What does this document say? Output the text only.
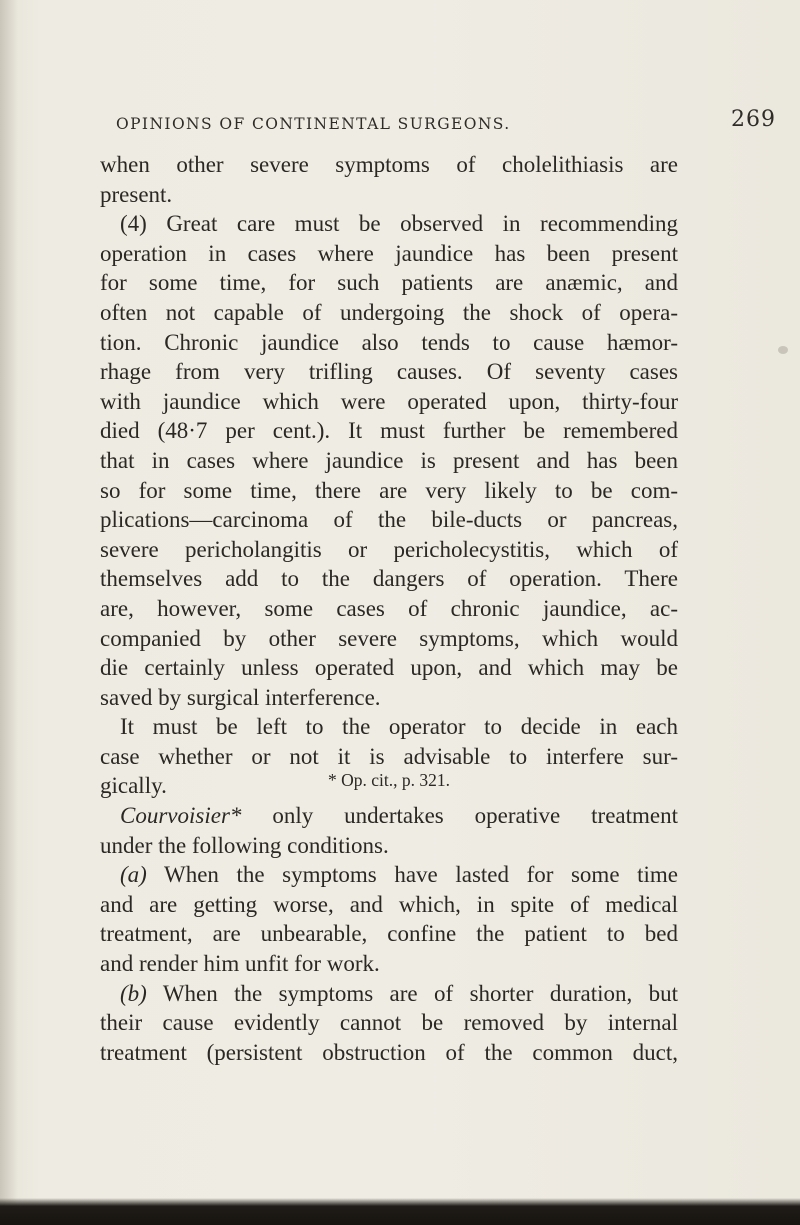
OPINIONS OF CONTINENTAL SURGEONS.	269
when other severe symptoms of cholelithiasis are
present.
(4) Great care must be observed in recommending
operation in cases where jaundice has been present
for some time, for such patients are anæmic, and
often not capable of undergoing the shock of opera-
tion. Chronic jaundice also tends to cause hæmor-
rhage from very trifling causes. Of seventy cases
with jaundice which were operated upon, thirty-four
died (48·7 per cent.). It must further be remembered
that in cases where jaundice is present and has been
so for some time, there are very likely to be com-
plications—carcinoma of the bile-ducts or pancreas,
severe pericholangitis or pericholecystitis, which of
themselves add to the dangers of operation. There
are, however, some cases of chronic jaundice, ac-
companied by other severe symptoms, which would
die certainly unless operated upon, and which may be
saved by surgical interference.
It must be left to the operator to decide in each
case whether or not it is advisable to interfere sur-
gically.
Courvoisier* only undertakes operative treatment
under the following conditions.
(a) When the symptoms have lasted for some time
and are getting worse, and which, in spite of medical
treatment, are unbearable, confine the patient to bed
and render him unfit for work.
(b) When the symptoms are of shorter duration, but
their cause evidently cannot be removed by internal
treatment (persistent obstruction of the common duct,
* Op. cit., p. 321.
